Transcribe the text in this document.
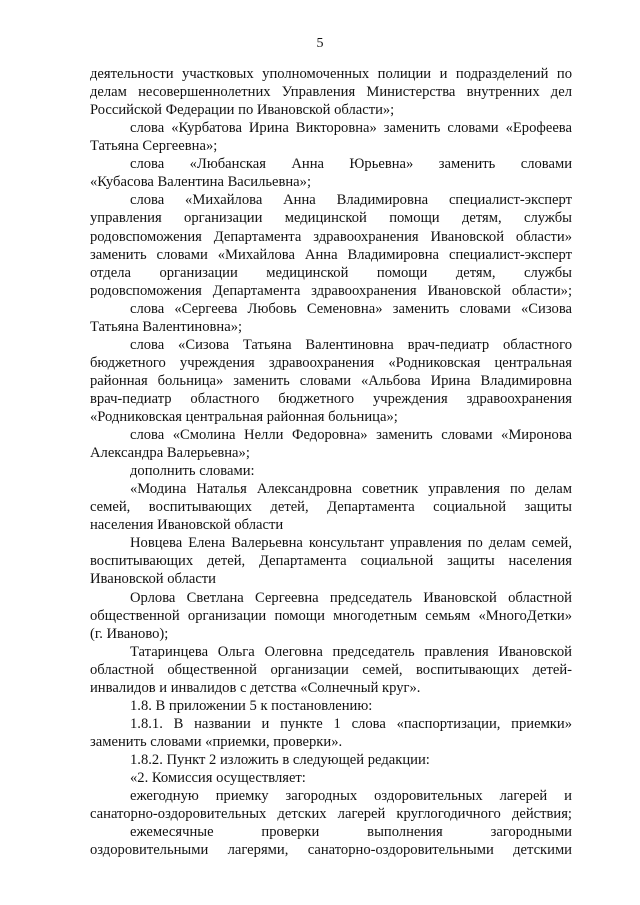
5
деятельности участковых уполномоченных полиции и подразделений по
делам несовершеннолетних Управления Министерства внутренних дел
Российской Федерации по Ивановской области»;
слова «Курбатова Ирина Викторовна» заменить словами «Ерофеева
Татьяна Сергеевна»;
слова «Любанская Анна Юрьевна» заменить словами
«Кубасова Валентина Васильевна»;
слова «Михайлова Анна Владимировна специалист-эксперт
управления организации медицинской помощи детям, службы
родовспоможения Департамента здравоохранения Ивановской области»
заменить словами «Михайлова Анна Владимировна специалист-эксперт
отдела организации медицинской помощи детям, службы
родовспоможения Департамента здравоохранения Ивановской области»;
слова «Сергеева Любовь Семеновна» заменить словами «Сизова
Татьяна Валентиновна»;
слова «Сизова Татьяна Валентиновна врач-педиатр областного
бюджетного учреждения здравоохранения «Родниковская центральная
районная больница» заменить словами «Альбова Ирина Владимировна
врач-педиатр областного бюджетного учреждения здравоохранения
«Родниковская центральная районная больница»;
слова «Смолина Нелли Федоровна» заменить словами «Миронова
Александра Валерьевна»;
дополнить словами:
«Модина Наталья Александровна советник управления по делам
семей, воспитывающих детей, Департамента социальной защиты
населения Ивановской области
Новцева Елена Валерьевна консультант управления по делам семей,
воспитывающих детей, Департамента социальной защиты населения
Ивановской области
Орлова Светлана Сергеевна председатель Ивановской областной
общественной организации помощи многодетным семьям «МногоДетки»
(г. Иваново);
Татаринцева Ольга Олеговна председатель правления Ивановской
областной общественной организации семей, воспитывающих детей-
инвалидов и инвалидов с детства «Солнечный круг».
1.8. В приложении 5 к постановлению:
1.8.1. В названии и пункте 1 слова «паспортизации, приемки»
заменить словами «приемки, проверки».
1.8.2. Пункт 2 изложить в следующей редакции:
«2. Комиссия осуществляет:
ежегодную приемку загородных оздоровительных лагерей и
санаторно-оздоровительных детских лагерей круглогодичного действия;
ежемесячные проверки выполнения загородными
оздоровительными лагерями, санаторно-оздоровительными детскими
